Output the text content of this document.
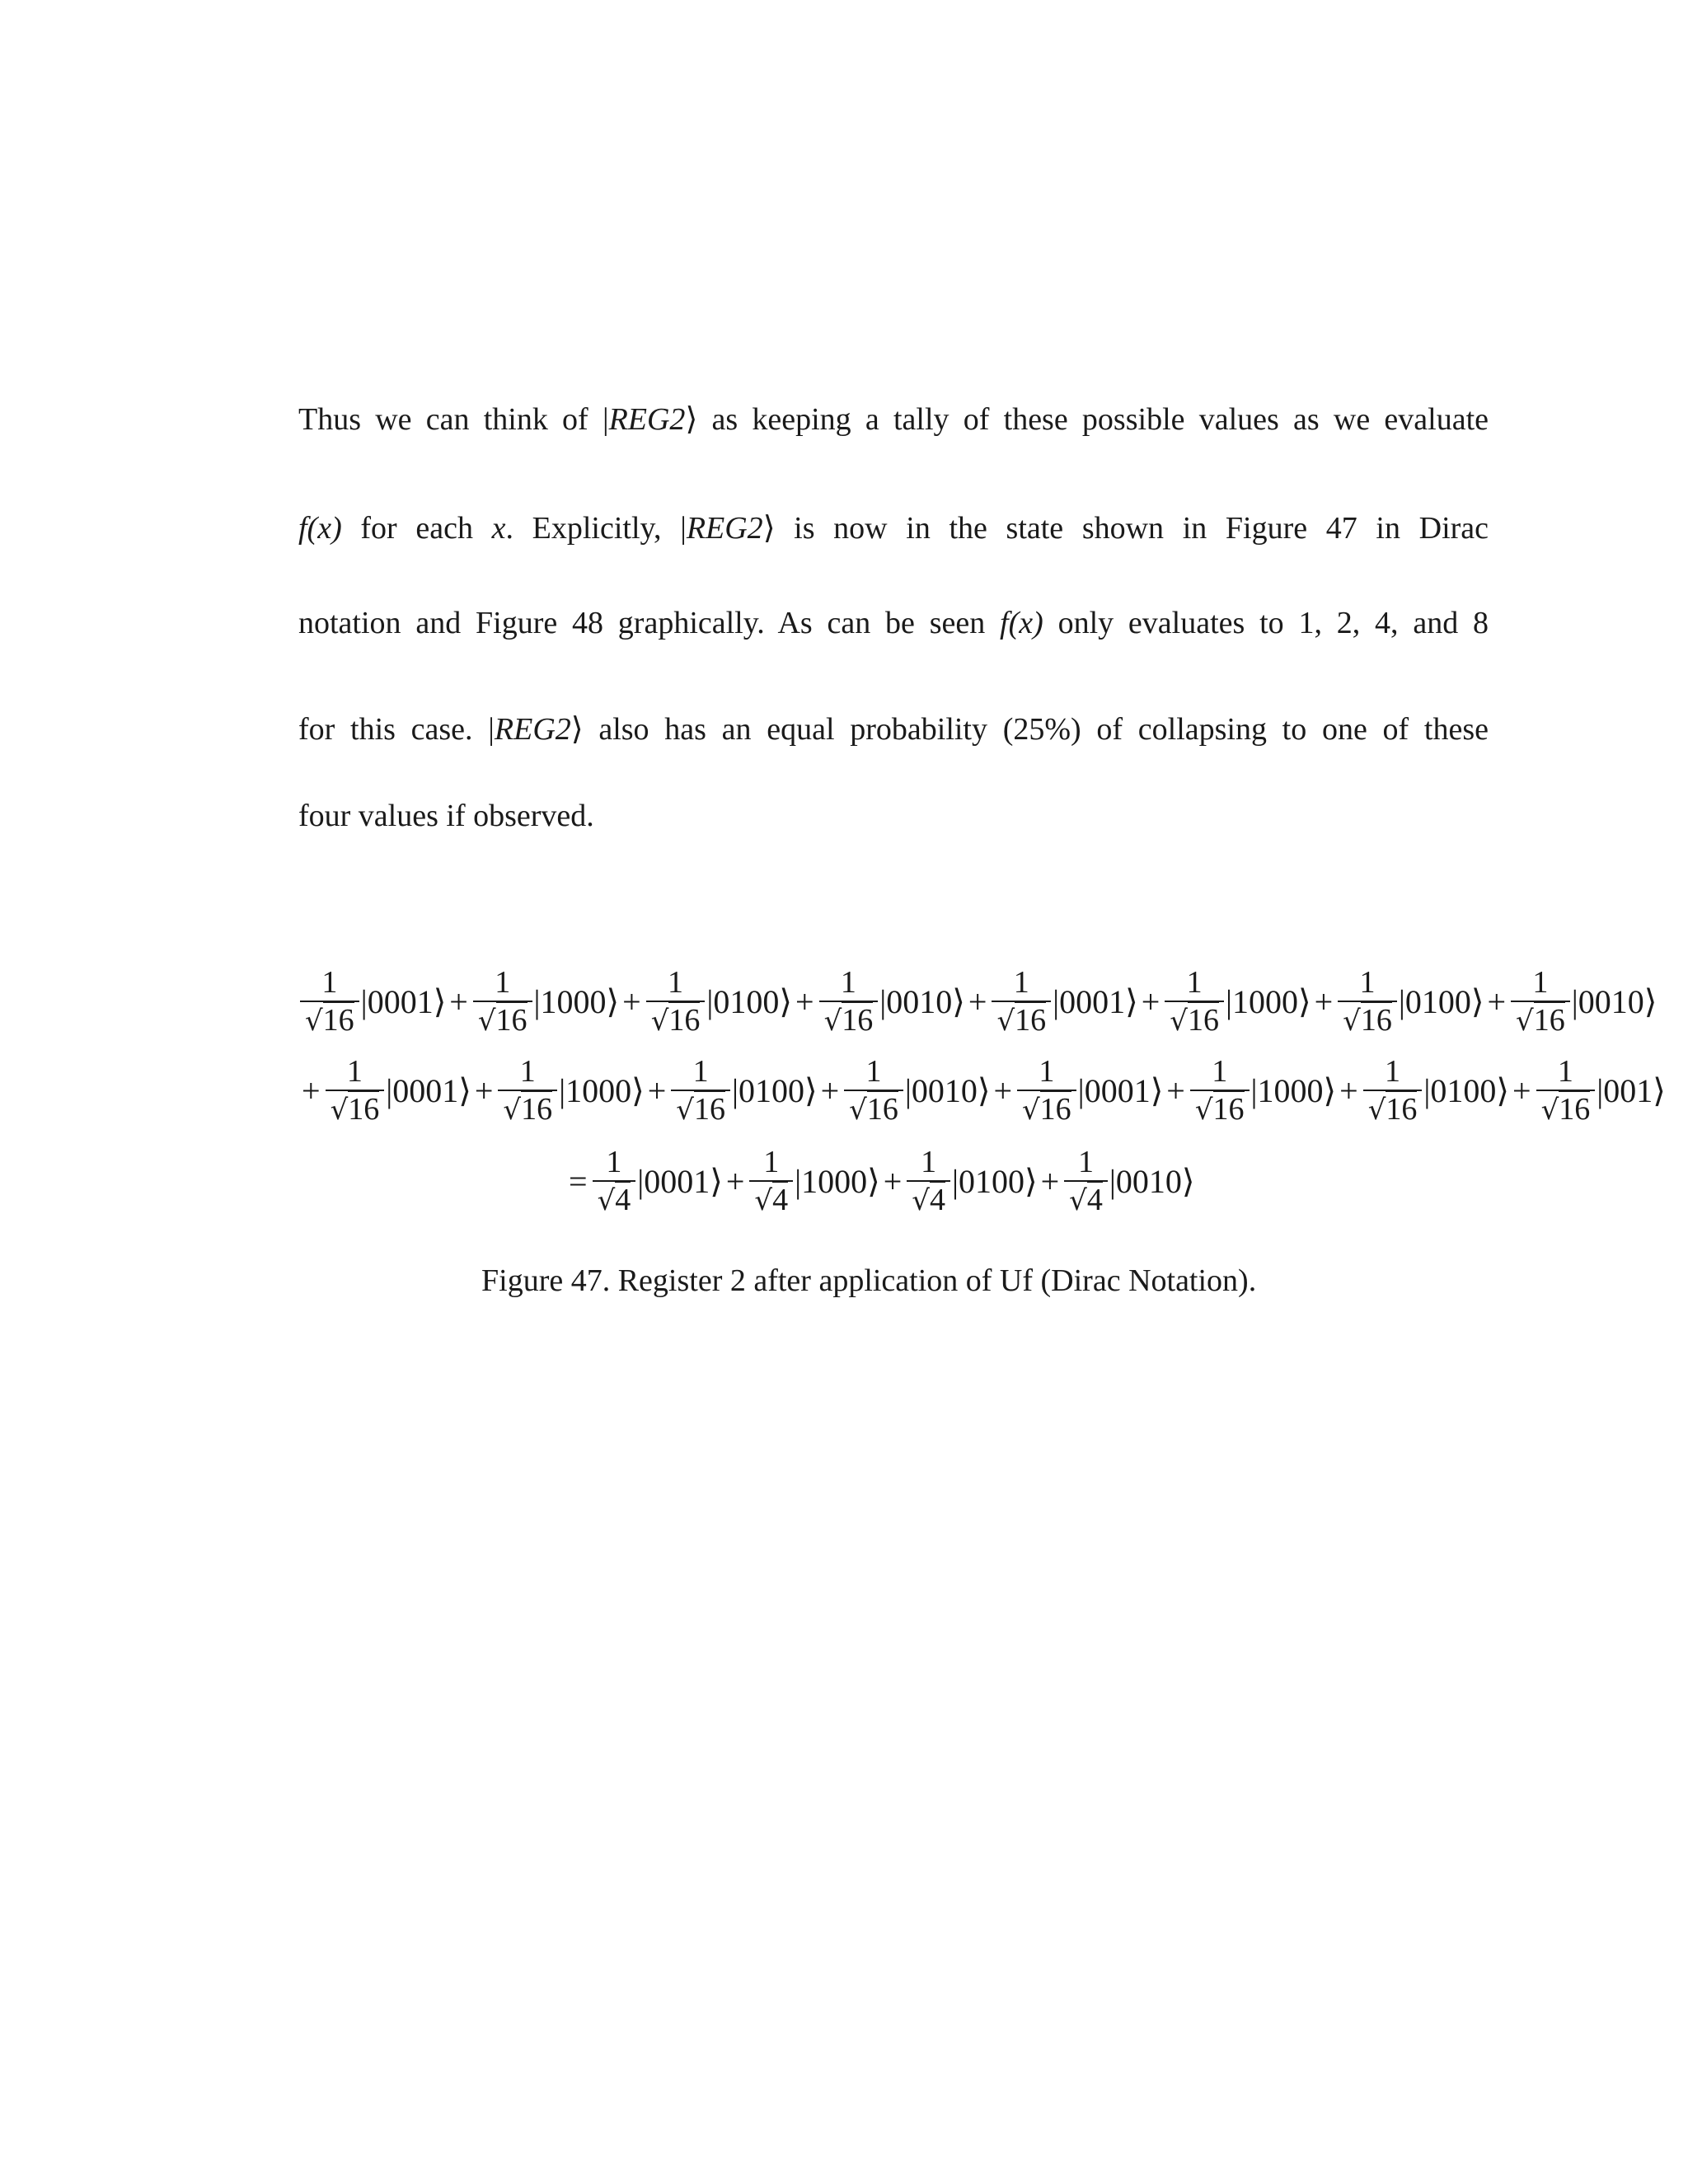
Thus we can think of |REG2⟩ as keeping a tally of these possible values as we evaluate
f(x) for each x. Explicitly, |REG2⟩ is now in the state shown in Figure 47 in Dirac
notation and Figure 48 graphically. As can be seen f(x) only evaluates to 1, 2, 4, and 8
for this case. |REG2⟩ also has an equal probability (25%) of collapsing to one of these
four values if observed.
$\frac{1}{√16}$ |0001⟩ + $\frac{1}{√16}$ |1000⟩ + $\frac{1}{√16}$ |0100⟩ + $\frac{1}{√16}$ |0010⟩ + $\frac{1}{√16}$ |0001⟩ + $\frac{1}{√16}$ |1000⟩ + $\frac{1}{√16}$ |0100⟩ + $\frac{1}{√16}$ |0010⟩
+ $\frac{1}{√16}$ |0001⟩ + $\frac{1}{√16}$ |1000⟩ + $\frac{1}{√16}$ |0100⟩ + $\frac{1}{√16}$ |0010⟩ + $\frac{1}{√16}$ |0001⟩ + $\frac{1}{√16}$ |1000⟩ + $\frac{1}{√16}$ |0100⟩ + $\frac{1}{√16}$ |001⟩
= $\frac{1}{√4}$ |0001⟩ + $\frac{1}{√4}$ |1000⟩ + $\frac{1}{√4}$ |0100⟩ + $\frac{1}{√4}$ |0010⟩
Figure 47. Register 2 after application of Uf (Dirac Notation).
